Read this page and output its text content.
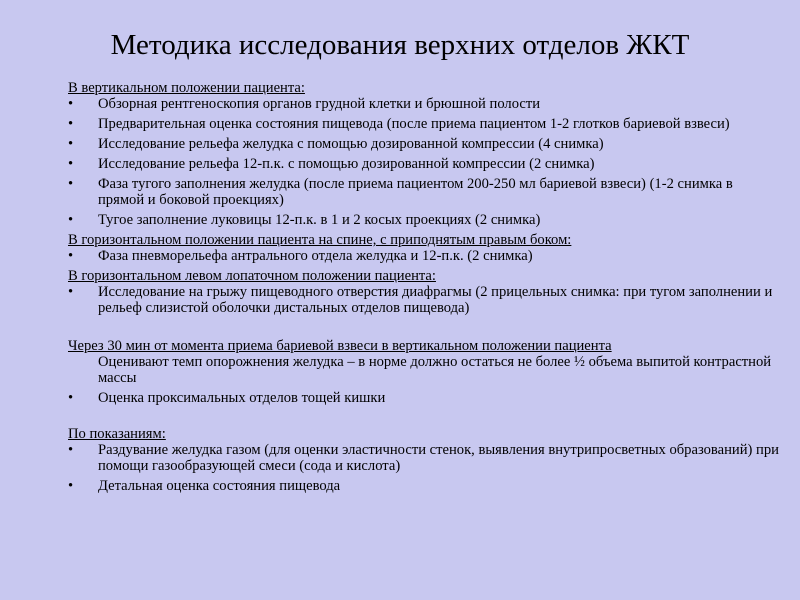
Методика исследования верхних отделов ЖКТ
В вертикальном положении пациента:
•	Обзорная рентгеноскопия органов грудной клетки и брюшной полости
•	Предварительная оценка состояния пищевода (после приема пациентом 1-2 глотков бариевой взвеси)
•	Исследование рельефа желудка с помощью дозированной компрессии (4 снимка)
•	Исследование рельефа 12-п.к. с помощью дозированной компрессии (2 снимка)
•	Фаза тугого заполнения желудка (после приема пациентом 200-250 мл бариевой взвеси) (1-2 снимка в прямой и боковой проекциях)
•	Тугое заполнение луковицы 12-п.к. в 1 и 2 косых проекциях (2 снимка)
В горизонтальном положении пациента на спине, с приподнятым правым боком:
•	Фаза пневморельефа антрального отдела желудка и 12-п.к. (2 снимка)
В горизонтальном левом лопаточном положении пациента:
•	Исследование на грыжу пищеводного отверстия диафрагмы (2 прицельных снимка: при тугом заполнении и рельеф слизистой оболочки дистальных отделов пищевода)
Через 30 мин от момента приема бариевой взвеси в вертикальном положении пациента
Оценивают темп опорожнения желудка – в норме должно остаться не более ½ объема выпитой контрастной массы
•	Оценка проксимальных отделов тощей кишки
По показаниям:
•	Раздувание желудка газом (для оценки эластичности стенок, выявления внутрипросветных образований) при помощи газообразующей смеси (сода и кислота)
•	Детальная оценка состояния пищевода
